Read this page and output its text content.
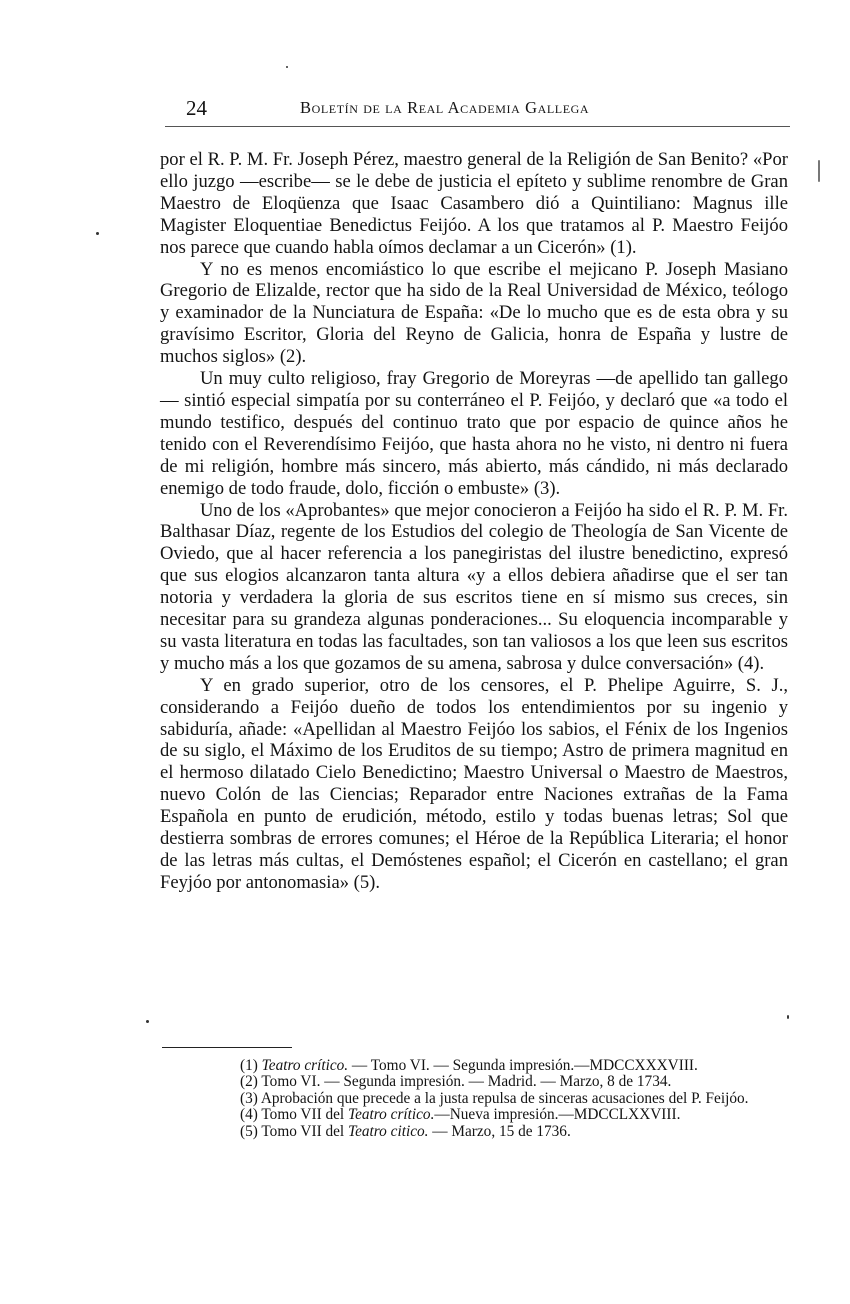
24	Boletín de la Real Academia Gallega

por el R. P. M. Fr. Joseph Pérez, maestro general de la Religión de San Benito? «Por ello juzgo —escribe— se le debe de justicia el epíteto y sublime renombre de Gran Maestro de Eloqüenza que Isaac Casambero dió a Quintiliano: Magnus ille Magister Eloquentiae Benedictus Feijóo. A los que tratamos al P. Maestro Feijóo nos parece que cuando habla oímos declamar a un Cicerón» (1).

Y no es menos encomiástico lo que escribe el mejicano P. Joseph Masiano Gregorio de Elizalde, rector que ha sido de la Real Universidad de México, teólogo y examinador de la Nunciatura de España: «De lo mucho que es de esta obra y su gravísimo Escritor, Gloria del Reyno de Galicia, honra de España y lustre de muchos siglos» (2).

Un muy culto religioso, fray Gregorio de Moreyras —de apellido tan gallego— sintió especial simpatía por su conterráneo el P. Feijóo, y declaró que «a todo el mundo testifico, después del continuo trato que por espacio de quince años he tenido con el Reverendísimo Feijóo, que hasta ahora no he visto, ni dentro ni fuera de mi religión, hombre más sincero, más abierto, más cándido, ni más declarado enemigo de todo fraude, dolo, ficción o embuste» (3).

Uno de los «Aprobantes» que mejor conocieron a Feijóo ha sido el R. P. M. Fr. Balthasar Díaz, regente de los Estudios del colegio de Theología de San Vicente de Oviedo, que al hacer referencia a los panegiristas del ilustre benedictino, expresó que sus elogios alcanzaron tanta altura «y a ellos debiera añadirse que el ser tan notoria y verdadera la gloria de sus escritos tiene en sí mismo sus creces, sin necesitar para su grandeza algunas ponderaciones... Su eloquencia incomparable y su vasta literatura en todas las facultades, son tan valiosos a los que leen sus escritos y mucho más a los que gozamos de su amena, sabrosa y dulce conversación» (4).

Y en grado superior, otro de los censores, el P. Phelipe Aguirre, S. J., considerando a Feijóo dueño de todos los entendimientos por su ingenio y sabiduría, añade: «Apellidan al Maestro Feijóo los sabios, el Fénix de los Ingenios de su siglo, el Máximo de los Eruditos de su tiempo; Astro de primera magnitud en el hermoso dilatado Cielo Benedictino; Maestro Universal o Maestro de Maestros, nuevo Colón de las Ciencias; Reparador entre Naciones extrañas de la Fama Española en punto de erudición, método, estilo y todas buenas letras; Sol que destierra sombras de errores comunes; el Héroe de la República Literaria; el honor de las letras más cultas, el Demóstenes español; el Cicerón en castellano; el gran Feyjóo por antonomasia» (5).

(1) Teatro crítico. — Tomo VI. — Segunda impresión.—MDCCXXXVIII.

(2) Tomo VI. — Segunda impresión. — Madrid. — Marzo, 8 de 1734.

(3) Aprobación que precede a la justa repulsa de sinceras acusaciones del P. Feijóo.

(4) Tomo VII del Teatro crítico.—Nueva impresión.—MDCCLXXVIII.

(5) Tomo VII del Teatro citico. — Marzo, 15 de 1736.
